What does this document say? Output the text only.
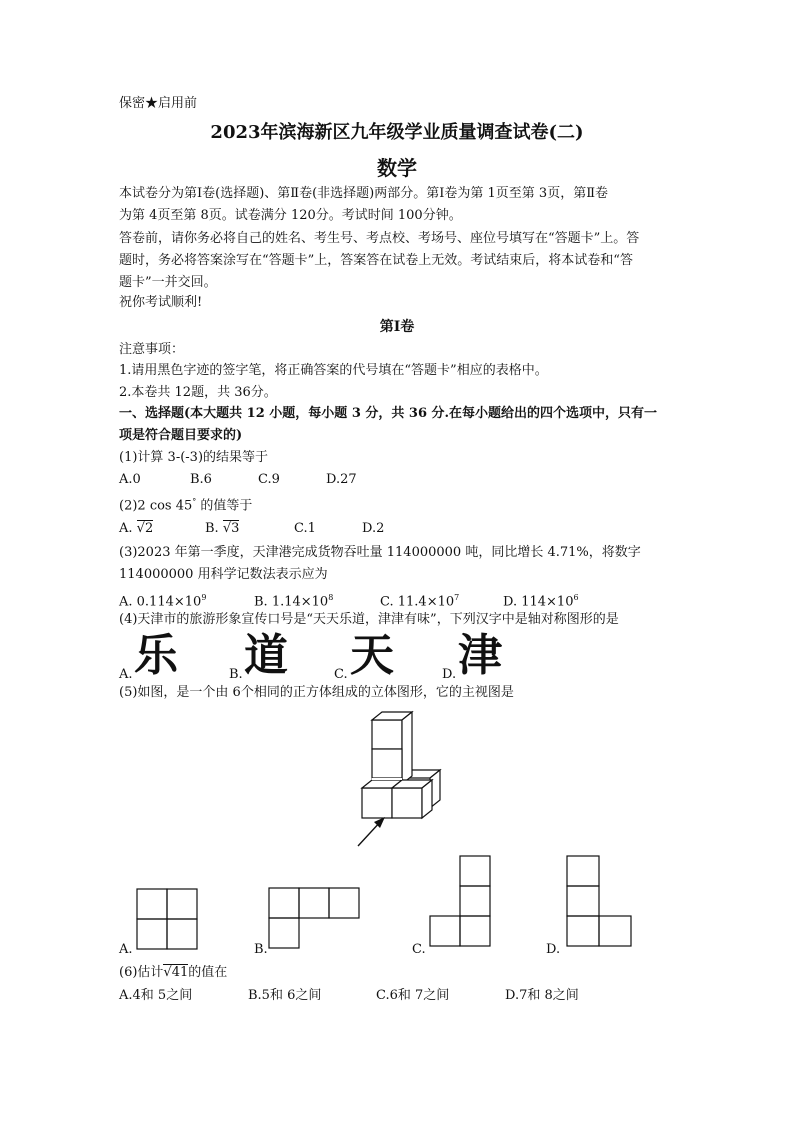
保密★启用前
2023年滨海新区九年级学业质量调查试卷(二)
数学
本试卷分为第Ⅰ卷(选择题)、第Ⅱ卷(非选择题)两部分。第Ⅰ卷为第 1页至第 3页，第Ⅱ卷
为第 4页至第 8页。试卷满分 120分。考试时间 100分钟。
答卷前，请你务必将自己的姓名、考生号、考点校、考场号、座位号填写在“答题卡”上。答
题时，务必将答案涂写在“答题卡”上，答案答在试卷上无效。考试结束后，将本试卷和“答
题卡”一并交回。
祝你考试顺利!
第Ⅰ卷
注意事项：
1.请用黑色字迹的签字笔，将正确答案的代号填在“答题卡”相应的表格中。
2.本卷共 12题，共 36分。
一、选择题(本大题共 12 小题，每小题 3 分，共 36 分.在每小题给出的四个选项中，只有一
项是符合题目要求的)
(1)计算 3-(-3)的结果等于
A.0	B.6	C.9	D.27
(2)2 cos 45° 的值等于
A. √2	B. √3	C.1	D.2
(3)2023 年第一季度，天津港完成货物吞吐量 114000000 吨，同比增长 4.71%，将数字
114000000 用科学记数法表示应为
A. $0.114\times 10^9$	B. $1.14\times 10^8$	C. $11.4\times 10^7$	D. $114\times 10^6$
(4)天津市的旅游形象宣传口号是“天天乐道，津津有味”，下列汉字中是轴对称图形的是
A. 乐	B. 道	C. 天	D. 津
(5)如图，是一个由 6个相同的正方体组成的立体图形，它的主视图是
A.	B.	C.	D.
(6)估计√41的值在
A.4和 5之间	B.5和 6之间	C.6和 7之间	D.7和 8之间
